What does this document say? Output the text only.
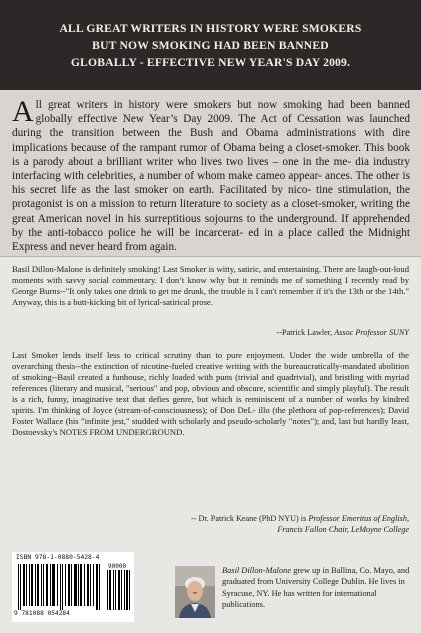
ALL GREAT WRITERS IN HISTORY WERE SMOKERS
BUT NOW SMOKING HAD BEEN BANNED
GLOBALLY - EFFECTIVE NEW YEAR'S DAY 2009.
A ll great writers in history were smokers but now smoking had been banned globally effective New Year’s Day 2009. The Act of Cessation was launched during the transition between the Bush and Obama administrations with dire implications because of the rampant rumor of Obama being a closet-smoker. This book is a parody about a brilliant writer who lives two lives – one in the me- dia industry interfacing with celebrities, a number of whom make cameo appear- ances. The other is his secret life as the last smoker on earth. Facilitated by nico- tine stimulation, the protagonist is on a mission to return literature to society as a closet-smoker, writing the great American novel in his surreptitious sojourns to the underground. If apprehended by the anti-tobacco police he will be incarcerat- ed in a place called the Midnight Express and never heard from again.
Basil Dillon-Malone is definitely smoking! Last Smoker is witty, satiric, and entertaining. There are laugh-out-loud moments with savvy social commentary. I don’t know why but it reminds me of something I recently read by George Burns--"It only takes one drink to get me drunk, the trouble is I can't remember if it's the 13th or the 14th." Anyway, this is a butt-kicking bit of lyrical-satirical prose.
--Patrick Lawler, Assoc Professor SUNY
Last Smoker lends itself less to critical scrutiny than to pure enjoyment. Under the wide umbrella of the overarching thesis--the extinction of nicotine-fueled creative writing with the bureaucratically-mandated abolition of smoking--Basil created a funhouse, richly loaded with puns (trivial and quadrivial), and bristling with myriad references (literary and musical, "serious" and pop, obvious and obscure, scientific and simply playful). The result is a rich, funny, imaginative text that defies genre, but which is reminiscent of a number of works by kindred spirits. I'm thinking of Joyce (stream-of-consciousness); of Don DeL- illo (the plethora of pop-references); David Foster Wallace (his "infinite jest," studded with scholarly and pseudo-scholarly "notes"); and, last but hardly least, Dostoevsky's NOTES FROM UNDERGROUND.
-- Dr. Patrick Keane (PhD NYU) is Professor Emeritus of English,
Francis Fallon Chair, LeMoyne College
ISBN 978-1-0880-5428-4
90000
9 781088 054284
Basil Dillon-Malone grew up in Ballina, Co. Mayo, and graduated from University College Dublin. He lives in Syracuse, NY. He has written for international publications.
